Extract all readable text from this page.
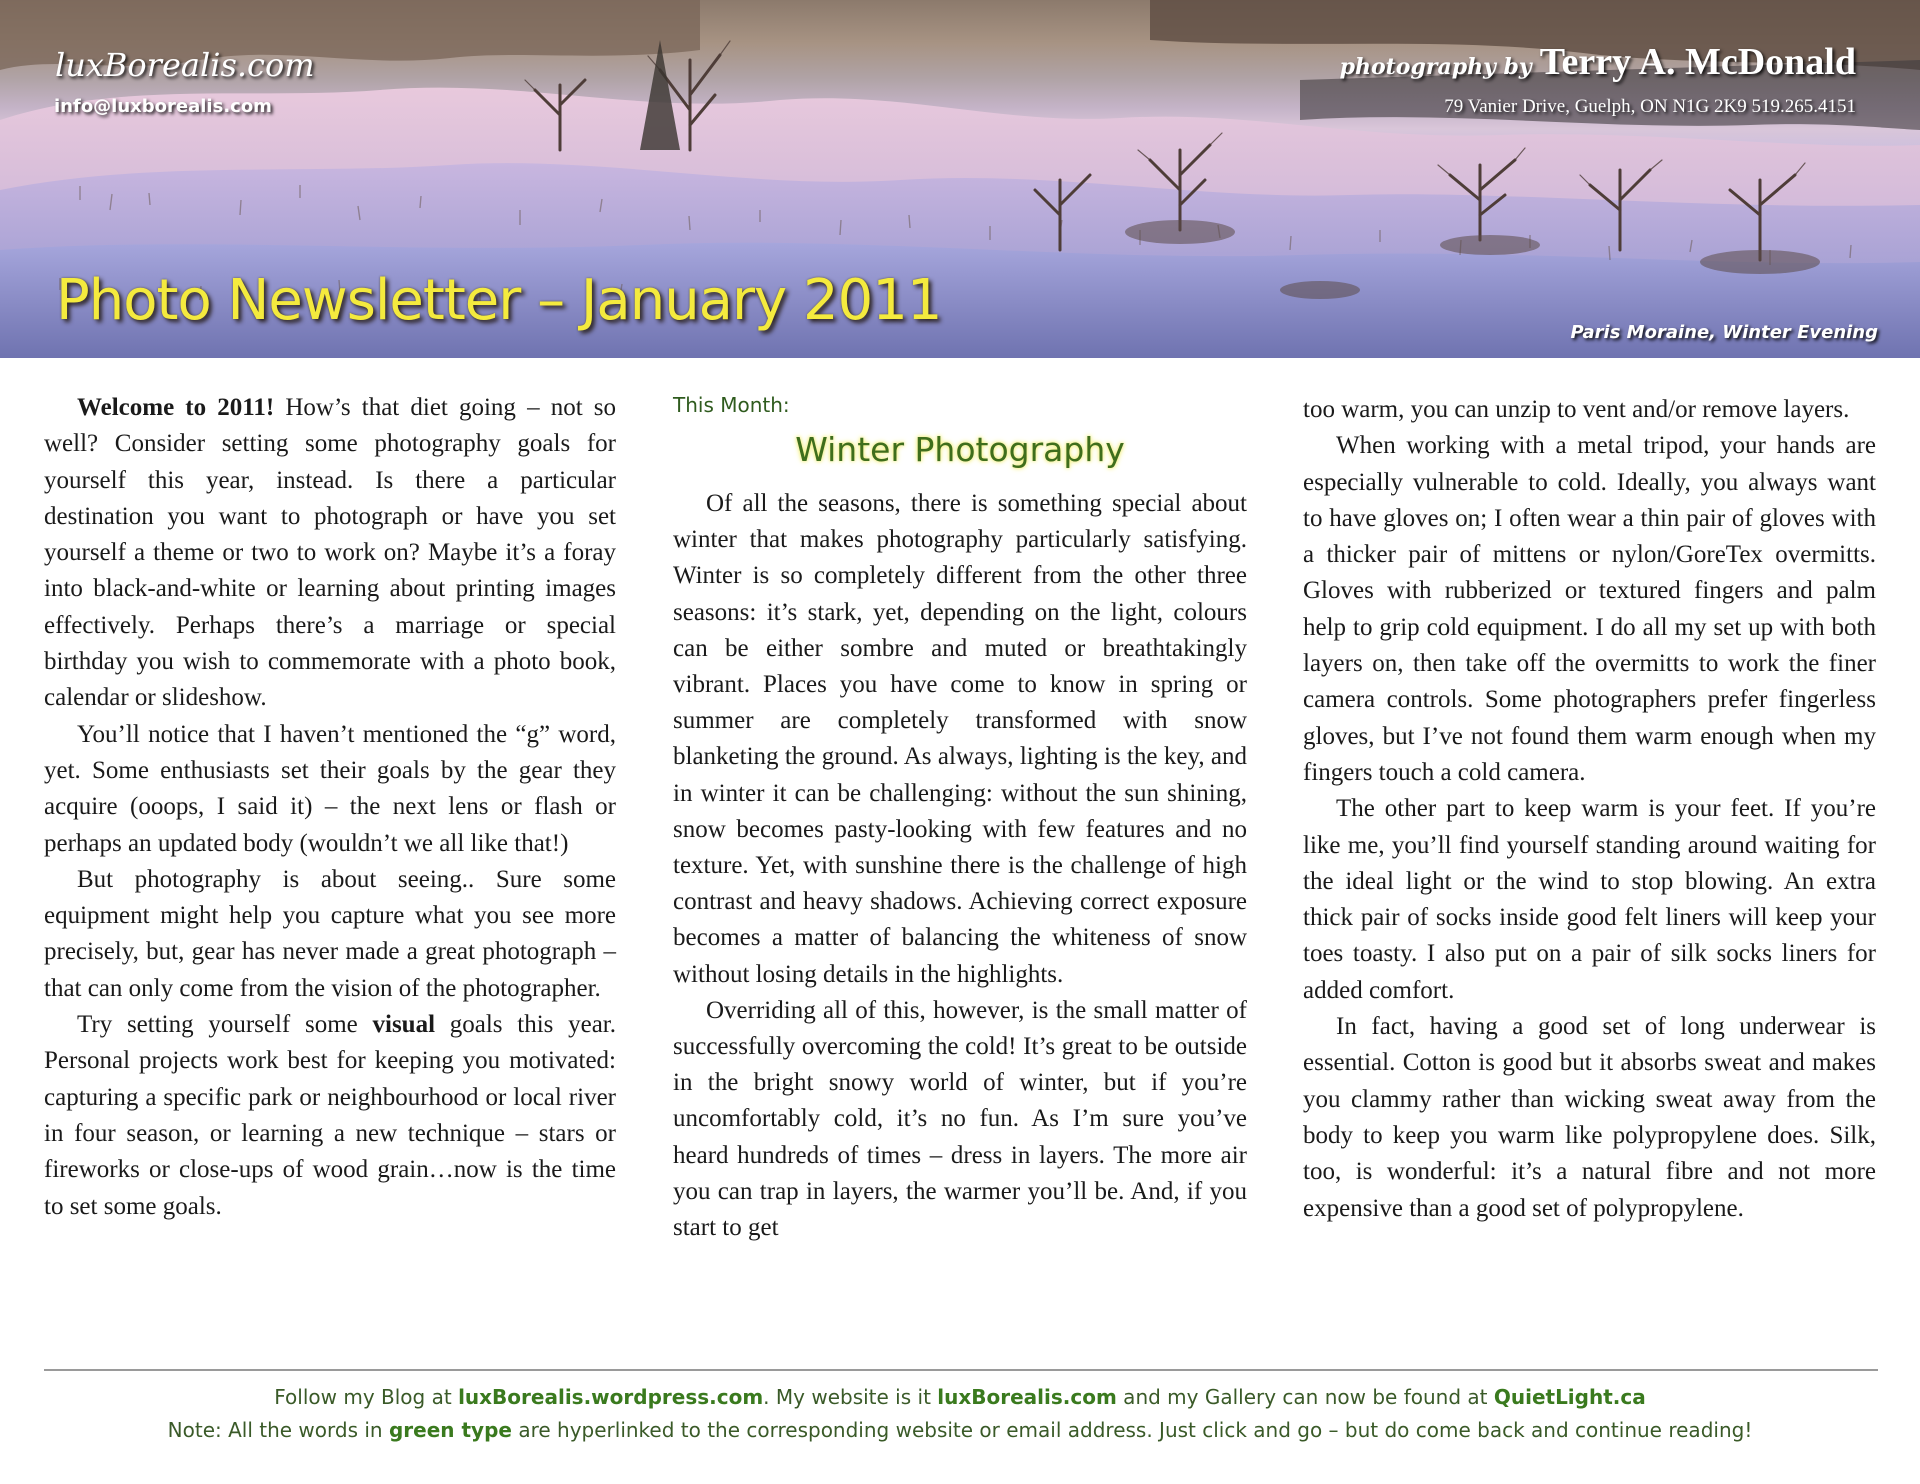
luxBorealis.com
info@luxborealis.com
photography by Terry A. McDonald
79 Vanier Drive, Guelph, ON N1G 2K9 519.265.4151
Photo Newsletter – January 2011	Paris Moraine, Winter Evening

Welcome to 2011! How’s that diet going – not so well? Consider setting some photography goals for yourself this year, instead. Is there a particular destination you want to photograph or have you set yourself a theme or two to work on? Maybe it’s a foray into black-and-white or learning about printing images effectively. Perhaps there’s a marriage or special birthday you wish to commemorate with a photo book, calendar or slideshow.

You’ll notice that I haven’t mentioned the “g” word, yet. Some enthusiasts set their goals by the gear they acquire (ooops, I said it) – the next lens or flash or perhaps an updated body (wouldn’t we all like that!)

But photography is about seeing.. Sure some equipment might help you capture what you see more precisely, but, gear has never made a great photograph – that can only come from the vision of the photographer.

Try setting yourself some visual goals this year. Personal projects work best for keeping you motivated: capturing a specific park or neighbourhood or local river in four season, or learning a new technique – stars or fireworks or close-ups of wood grain…now is the time to set some goals.

This Month:
Winter Photography

Of all the seasons, there is something special about winter that makes photography particularly satisfying. Winter is so completely different from the other three seasons: it’s stark, yet, depending on the light, colours can be either sombre and muted or breathtakingly vibrant. Places you have come to know in spring or summer are completely transformed with snow blanketing the ground. As always, lighting is the key, and in winter it can be challenging: without the sun shining, snow becomes pasty-looking with few features and no texture. Yet, with sunshine there is the challenge of high contrast and heavy shadows. Achieving correct exposure becomes a matter of balancing the whiteness of snow without losing details in the highlights.

Overriding all of this, however, is the small matter of successfully overcoming the cold! It’s great to be outside in the bright snowy world of winter, but if you’re uncomfortably cold, it’s no fun. As I’m sure you’ve heard hundreds of times – dress in layers. The more air you can trap in layers, the warmer you’ll be. And, if you start to get

too warm, you can unzip to vent and/or remove layers.

When working with a metal tripod, your hands are especially vulnerable to cold. Ideally, you always want to have gloves on; I often wear a thin pair of gloves with a thicker pair of mittens or nylon/GoreTex overmitts. Gloves with rubberized or textured fingers and palm help to grip cold equipment. I do all my set up with both layers on, then take off the overmitts to work the finer camera controls. Some photographers prefer fingerless gloves, but I’ve not found them warm enough when my fingers touch a cold camera.

The other part to keep warm is your feet. If you’re like me, you’ll find yourself standing around waiting for the ideal light or the wind to stop blowing. An extra thick pair of socks inside good felt liners will keep your toes toasty. I also put on a pair of silk socks liners for added comfort.

In fact, having a good set of long underwear is essential. Cotton is good but it absorbs sweat and makes you clammy rather than wicking sweat away from the body to keep you warm like polypropylene does. Silk, too, is wonderful: it’s a natural fibre and not more expensive than a good set of polypropylene.

Follow my Blog at luxBorealis.wordpress.com. My website is it luxBorealis.com and my Gallery can now be found at QuietLight.ca
Note: All the words in green type are hyperlinked to the corresponding website or email address. Just click and go – but do come back and continue reading!
